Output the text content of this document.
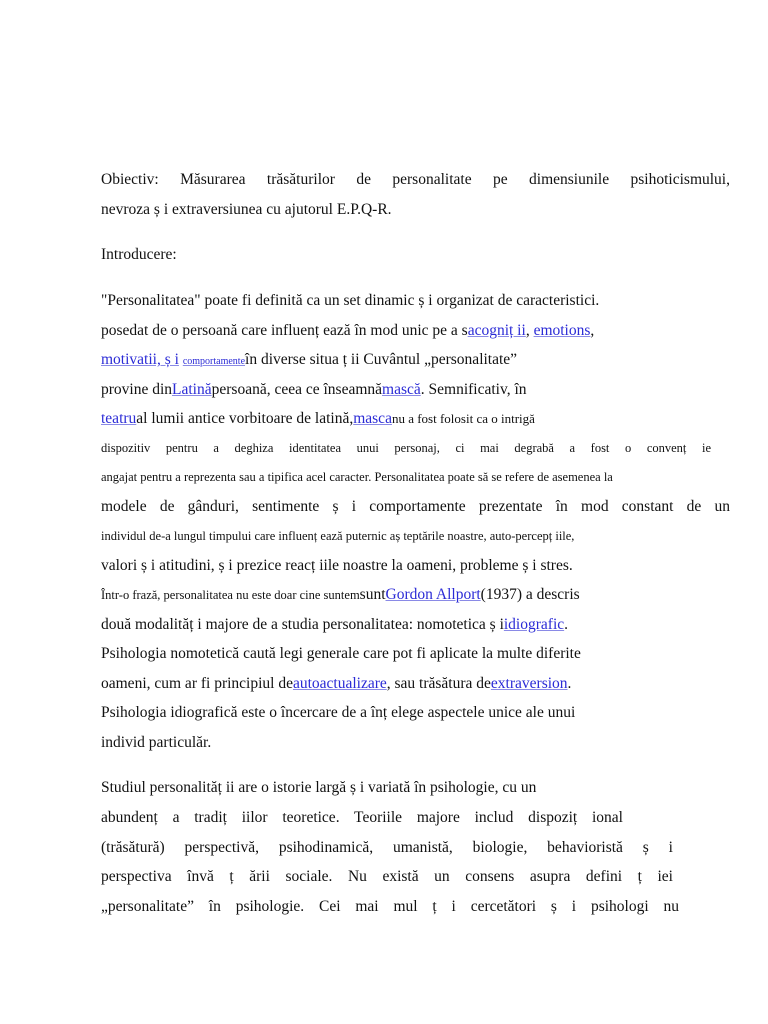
Obiectiv: Măsurarea trăsăturilor de personalitate pe dimensiunile psihoticismului,
nevroza ș i extraversiunea cu ajutorul E.P.Q-R.
Introducere:
"Personalitatea" poate fi definită ca un set dinamic ș i organizat de caracteristici.
posedat de o persoană care influenț ează în mod unic pe a sacogniț ii, emotions,
motivatii, ș i comportamenteîn diverse situa ț ii Cuvântul „personalitate”
provine dinLatinăpersoană, ceea ce înseamnămască. Semnificativ, în
teatrual lumii antice vorbitoare de latină,mascanu a fost folosit ca o intrigă
dispozitiv pentru a deghiza identitatea unui personaj, ci mai degrabă a fost o convenț ie
angajat pentru a reprezenta sau a tipifica acel caracter. Personalitatea poate să se refere de asemenea la
modele de gânduri, sentimente ș i comportamente prezentate în mod constant de un
individul de-a lungul timpului care influenț ează puternic aș teptările noastre, auto-percepț iile,
valori ș i atitudini, ș i prezice reacț iile noastre la oameni, probleme ș i stres.
Într-o frază, personalitatea nu este doar cine suntemsuntGordon Allport(1937) a descris
două modalităț i majore de a studia personalitatea: nomotetica ș iidiografic.
Psihologia nomotetică caută legi generale care pot fi aplicate la multe diferite
oameni, cum ar fi principiul deautoactualizare, sau trăsătura deextraversion.
Psihologia idiografică este o încercare de a înț elege aspectele unice ale unui
individ particulăr.
Studiul personalităț ii are o istorie largă ș i variată în psihologie, cu un
abundenț a tradiț iilor teoretice. Teoriile majore includ dispoziț ional
(trăsătură) perspectivă, psihodinamică, umanistă, biologie, behavioristă ș i
perspectiva învă ț ării sociale. Nu există un consens asupra defini ț iei
„personalitate” în psihologie. Cei mai mul ț i cercetători ș i psihologi nu
